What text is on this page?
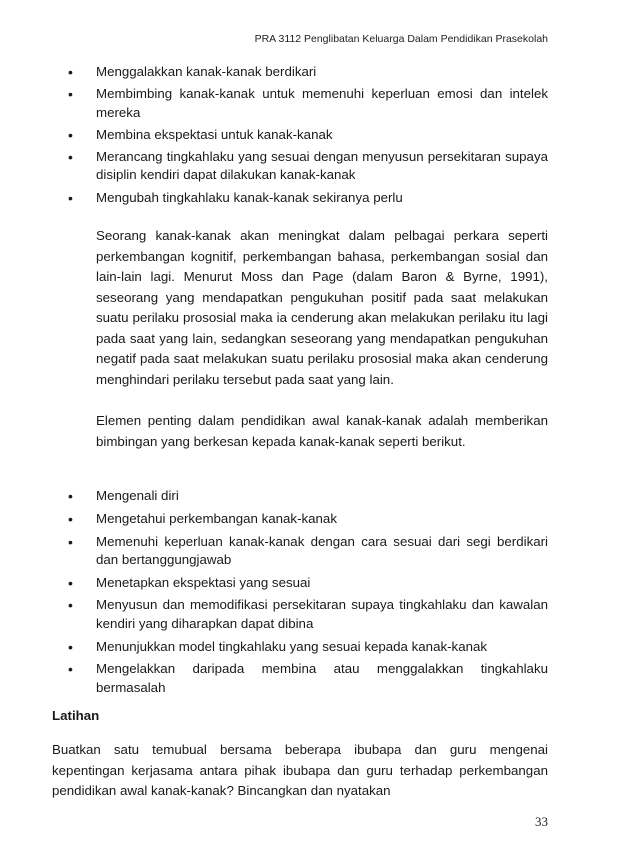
PRA 3112 Penglibatan Keluarga Dalam Pendidikan Prasekolah
• Menggalakkan kanak-kanak berdikari
• Membimbing kanak-kanak untuk memenuhi keperluan emosi dan intelek mereka
• Membina ekspektasi untuk kanak-kanak
• Merancang tingkahlaku yang sesuai dengan menyusun persekitaran supaya disiplin kendiri dapat dilakukan kanak-kanak
• Mengubah tingkahlaku kanak-kanak sekiranya perlu

Seorang kanak-kanak akan meningkat dalam pelbagai perkara seperti perkembangan kognitif, perkembangan bahasa, perkembangan sosial dan lain-lain lagi. Menurut Moss dan Page (dalam Baron & Byrne, 1991), seseorang yang mendapatkan pengukuhan positif pada saat melakukan suatu perilaku prososial maka ia cenderung akan melakukan perilaku itu lagi pada saat yang lain, sedangkan seseorang yang mendapatkan pengukuhan negatif pada saat melakukan suatu perilaku prososial maka akan cenderung menghindari perilaku tersebut pada saat yang lain.

Elemen penting dalam pendidikan awal kanak-kanak adalah memberikan bimbingan yang berkesan kepada kanak-kanak seperti berikut.

• Mengenali diri
• Mengetahui perkembangan kanak-kanak
• Memenuhi keperluan kanak-kanak dengan cara sesuai dari segi berdikari dan bertanggungjawab
• Menetapkan ekspektasi yang sesuai
• Menyusun dan memodifikasi persekitaran supaya tingkahlaku dan kawalan kendiri yang diharapkan dapat dibina
• Menunjukkan model tingkahlaku yang sesuai kepada kanak-kanak
• Mengelakkan daripada membina atau menggalakkan tingkahlaku bermasalah
Latihan

Buatkan satu temubual bersama beberapa ibubapa dan guru mengenai kepentingan kerjasama antara pihak ibubapa dan guru terhadap perkembangan pendidikan awal kanak-kanak? Bincangkan dan nyatakan

33
